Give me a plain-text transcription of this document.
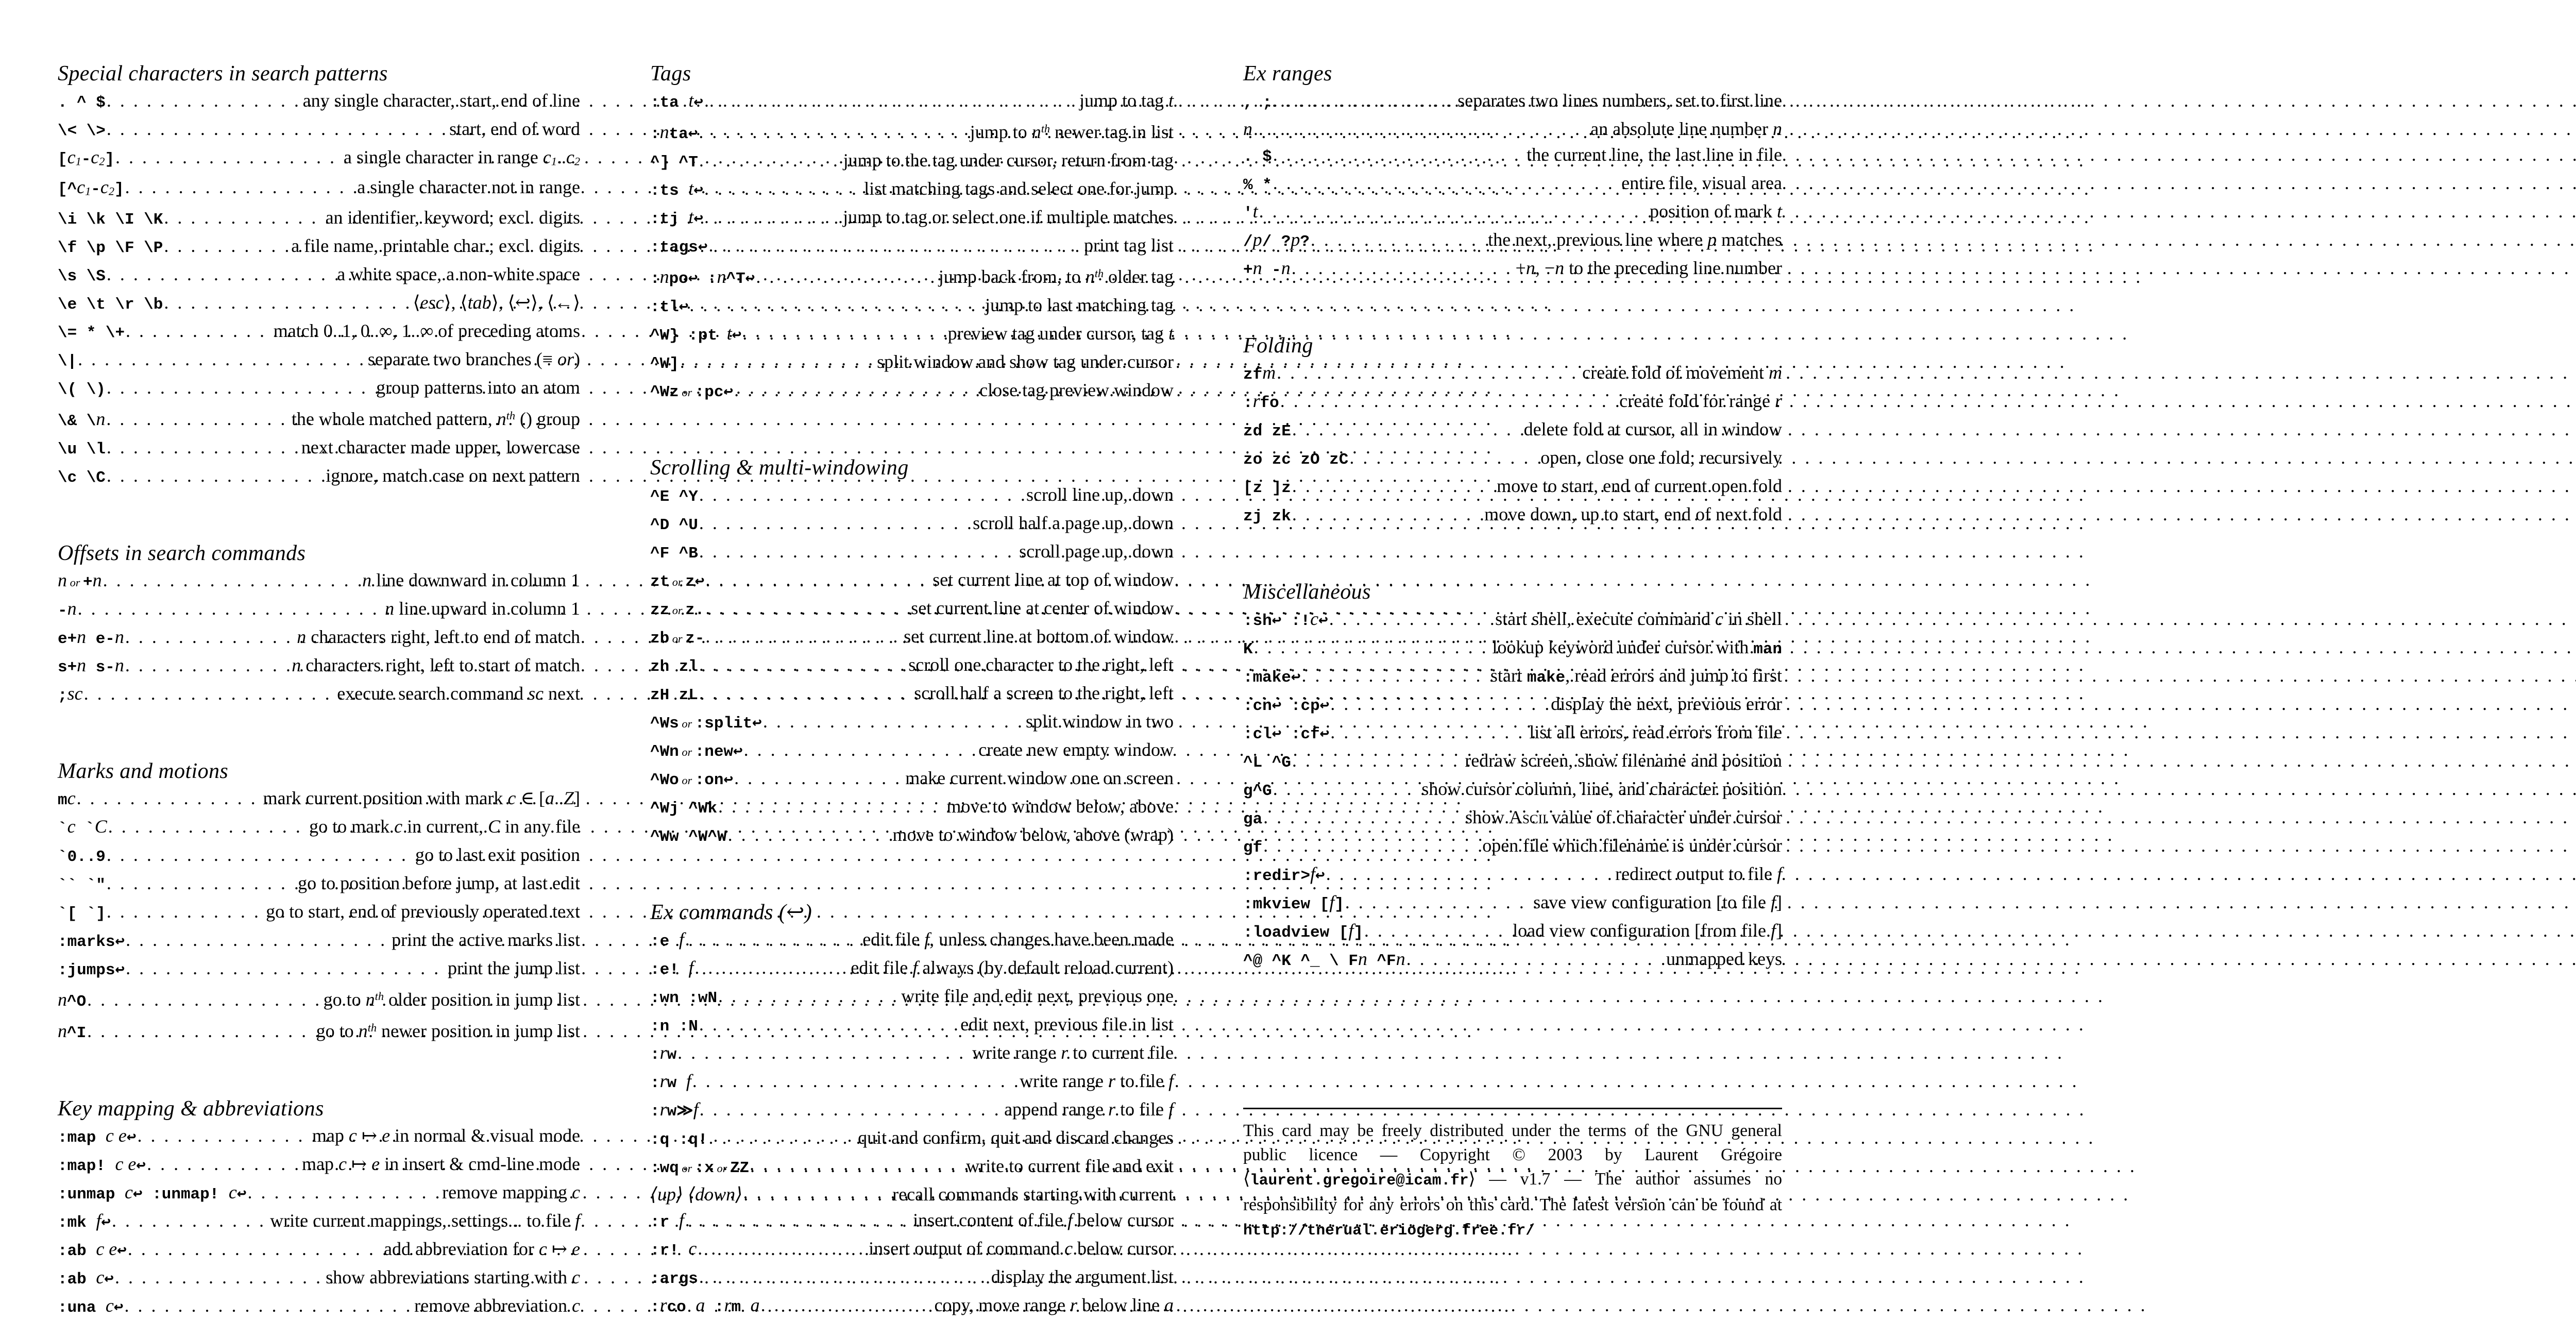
Special characters in search patterns
. ^ $ . . .	any single character, start, end of line
\< \> . . .	start, end of word
[c1-c2] . . .	a single character in range c1..c2
[^c1-c2] . . .	a single character not in range
\i \k \I \K . . .	an identifier, keyword; excl. digits
\f \p \F \P . . .	a file name, printable char.; excl. digits
\s \S . . .	a white space, a non-white space
\e \t \r \b . . .	⟨esc⟩, ⟨tab⟩, ⟨↩⟩, ⟨←⟩
\= * \+ . . .	match 0..1, 0..∞, 1..∞ of preceding atoms
\| . . .	separate two branches (≡ or)
\( \) . . .	group patterns into an atom
\& \n . . .	the whole matched pattern, $n^{th}$ () group
\u \l . . .	next character made upper, lowercase
\c \C . . .	ignore, match case on next pattern
Offsets in search commands
n or +n . . .	n line downward in column 1
-n . . .	n line upward in column 1
e+n e-n . . .	n characters right, left to end of match
s+n s-n . . .	n characters right, left to start of match
;sc . . .	execute search command sc next
Marks and motions
mc . . .	mark current position with mark c ∈ [a..Z]
`c `C . . .	go to mark c in current, C in any file
`0..9 . . .	go to last exit position
`` `" . . .	go to position before jump, at last edit
`[ `] . . .	go to start, end of previously operated text
:marks↩ . . .	print the active marks list
:jumps↩ . . .	print the jump list
n^O . . .	go to $n^{th}$ older position in jump list
n^I . . .	go to $n^{th}$ newer position in jump list
Key mapping & abbreviations
:map c e↩ . . .	map c ↦ e in normal & visual mode
:map! c e↩ . . .	map c ↦ e in insert & cmd-line mode
:unmap c↩ :unmap! c↩ . . .	remove mapping c
:mk f↩ . . .	write current mappings, settings... to file f
:ab c e↩ . . .	add abbreviation for c ↦ e
:ab c↩ . . .	show abbreviations starting with c
:una c↩ . . .	remove abbreviation c
Tags
:ta t↩ . . .	jump to tag t
:nta↩ . . .	jump to $n^{th}$ newer tag in list
^] ^T . . .	jump to the tag under cursor, return from tag
:ts t↩ . . .	list matching tags and select one for jump
:tj t↩ . . .	jump to tag or select one if multiple matches
:tags↩ . . .	print tag list
:npo↩ :n^T↩ . . .	jump back from, to $n^{th}$ older tag
:tl↩ . . .	jump to last matching tag
^W} :pt t↩ . . .	preview tag under cursor, tag t
^W] . . .	split window and show tag under cursor
^Wz or :pc↩ . . .	close tag preview window
Scrolling & multi-windowing
^E ^Y . . .	scroll line up, down
^D ^U . . .	scroll half a page up, down
^F ^B . . .	scroll page up, down
zt or z↩ . . .	set current line at top of window
zz or z. . . .	set current line at center of window
zb or z- . . .	set current line at bottom of window
zh zl . . .	scroll one character to the right, left
zH zL . . .	scroll half a screen to the right, left
^Ws or :split↩ . . .	split window in two
^Wn or :new↩ . . .	create new empty window
^Wo or :on↩ . . .	make current window one on screen
^Wj ^Wk . . .	move to window below, above
^Ww ^W^W . . .	move to window below, above (wrap)
Ex commands (↩)
:e f . . .	edit file f, unless changes have been made
:e! f . . .	edit file f always (by default reload current)
:wn :wN . . .	write file and edit next, previous one
:n :N . . .	edit next, previous file in list
:rw . . .	write range r to current file
:rw f . . .	write range r to file f
:rw≫f . . .	append range r to file f
:q :q! . . .	quit and confirm, quit and discard changes
:wq or :x or ZZ . . .	write to current file and exit
⟨up⟩ ⟨down⟩ . . .	recall commands starting with current
:r f . . .	insert content of file f below cursor
:r! c . . .	insert output of command c below cursor
:args . . .	display the argument list
:rco a :rm a . . .	copy, move range r below line a
Ex ranges
, ; . . .	separates two lines numbers, set to first line
n . . .	an absolute line number n
. $ . . .	the current line, the last line in file
% * . . .	entire file, visual area
't . . .	position of mark t
/p/ ?p? . . .	the next, previous line where p matches
+n -n . . .	+n, −n to the preceding line number
Folding
zfm . . .	create fold of movement m
:rfo . . .	create fold for range r
zd zE . . .	delete fold at cursor, all in window
zo zc zO zC . . .	open, close one fold; recursively
[z ]z . . .	move to start, end of current open fold
zj zk . . .	move down, up to start, end of next fold
Miscellaneous
:sh↩ :!c↩ . . .	start shell, execute command c in shell
K . . .	lookup keyword under cursor with man
:make↩ . . .	start make, read errors and jump to first
:cn↩ :cp↩ . . .	display the next, previous error
:cl↩ :cf↩ . . .	list all errors, read errors from file
^L ^G . . .	redraw screen, show filename and position
g^G . . .	show cursor column, line, and character position
ga . . .	show Ascii value of character under cursor
gf . . .	open file which filename is under cursor
:redir>f↩ . . .	redirect output to file f
:mkview [f] . . .	save view configuration [to file f]
:loadview [f] . . .	load view configuration [from file f]
^@ ^K ^_ \ Fn ^Fn . . .	unmapped keys

This card may be freely distributed under the terms of the GNU general public licence — Copyright © 2003 by Laurent Grégoire ⟨laurent.gregoire@icam.fr⟩ — v1.7 — The author assumes no responsibility for any errors on this card. The latest version can be found at http://tnerual.eriogerg.free.fr/
